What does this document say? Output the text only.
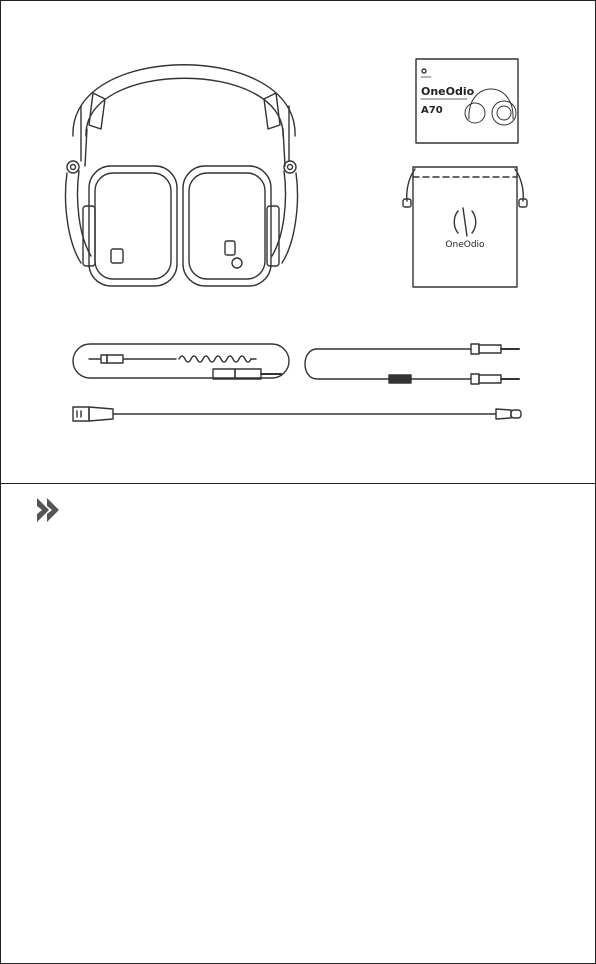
OneOdio
A70
OneOdio
